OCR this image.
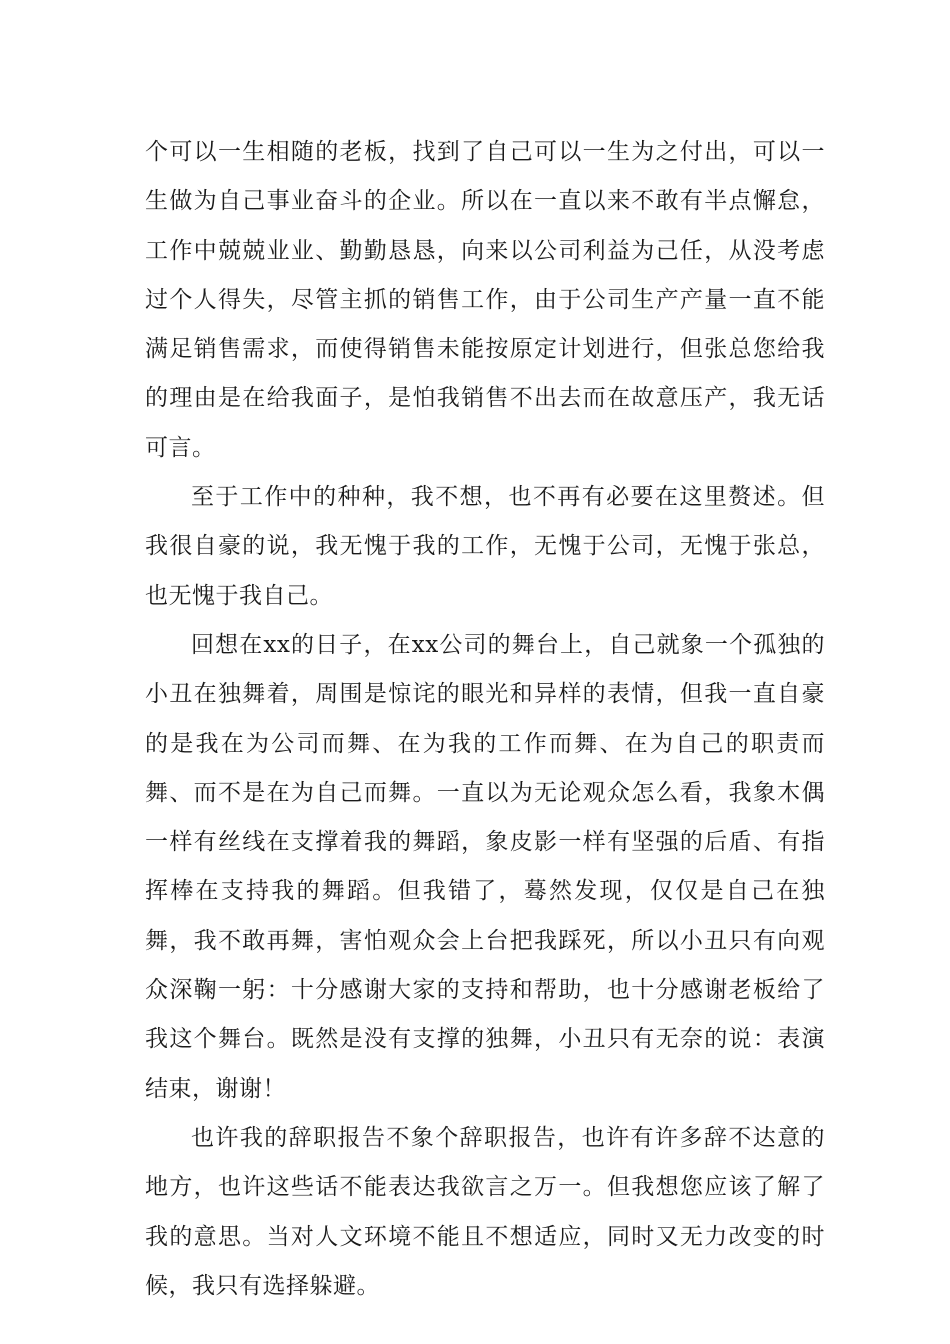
个可以一生相随的老板，找到了自己可以一生为之付出，可以一生做为自己事业奋斗的企业。所以在一直以来不敢有半点懈怠，工作中兢兢业业、勤勤恳恳，向来以公司利益为己任，从没考虑过个人得失，尽管主抓的销售工作，由于公司生产产量一直不能满足销售需求，而使得销售未能按原定计划进行，但张总您给我的理由是在给我面子，是怕我销售不出去而在故意压产，我无话可言。

至于工作中的种种，我不想，也不再有必要在这里赘述。但我很自豪的说，我无愧于我的工作，无愧于公司，无愧于张总，也无愧于我自己。

回想在xx的日子，在xx公司的舞台上，自己就象一个孤独的小丑在独舞着，周围是惊诧的眼光和异样的表情，但我一直自豪的是我在为公司而舞、在为我的工作而舞、在为自己的职责而舞、而不是在为自己而舞。一直以为无论观众怎么看，我象木偶一样有丝线在支撑着我的舞蹈，象皮影一样有坚强的后盾、有指挥棒在支持我的舞蹈。但我错了，蓦然发现，仅仅是自己在独舞，我不敢再舞，害怕观众会上台把我踩死，所以小丑只有向观众深鞠一躬：十分感谢大家的支持和帮助，也十分感谢老板给了我这个舞台。既然是没有支撑的独舞，小丑只有无奈的说：表演结束，谢谢！

也许我的辞职报告不象个辞职报告，也许有许多辞不达意的地方，也许这些话不能表达我欲言之万一。但我想您应该了解了我的意思。当对人文环境不能且不想适应，同时又无力改变的时候，我只有选择躲避。
